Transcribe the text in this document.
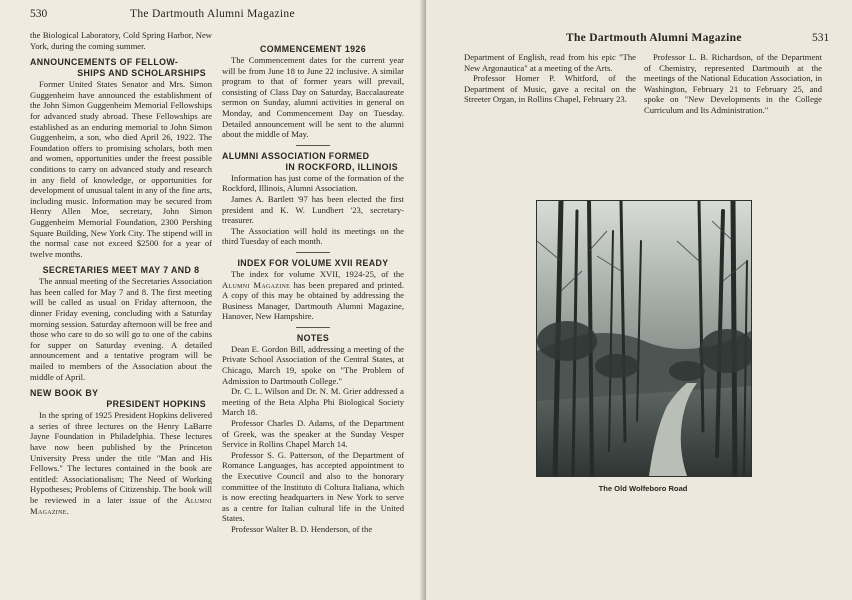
530	The Dartmouth Alumni Magazine

the Biological Laboratory, Cold Spring Harbor, New York, during the coming summer.

ANNOUNCEMENTS OF FELLOW-
SHIPS AND SCHOLARSHIPS

Former United States Senator and Mrs. Simon Guggenheim have announced the establishment of the John Simon Guggenheim Memorial Fellowships for advanced study abroad. These Fellowships are established as an enduring memorial to John Simon Guggenheim, a son, who died April 26, 1922. The Foundation offers to promising scholars, both men and women, opportunities under the freest possible conditions to carry on advanced study and research in any field of knowledge, or opportunities for development of unusual talent in any of the fine arts, including music. Information may be secured from Henry Allen Moe, secretary, John Simon Guggenheim Memorial Foundation, 2300 Pershing Square Building, New York City. The stipend will in the normal case not exceed $2500 for a year of twelve months.

SECRETARIES MEET MAY 7 AND 8

The annual meeting of the Secretaries Association has been called for May 7 and 8. The first meeting will be called as usual on Friday afternoon, the dinner Friday evening, concluding with a Saturday morning session. Saturday afternoon will be free and those who care to do so will go to one of the cabins for supper on Saturday evening. A detailed announcement and a tentative program will be mailed to members of the Association about the middle of April.

NEW BOOK BY
PRESIDENT HOPKINS

In the spring of 1925 President Hopkins delivered a series of three lectures on the Henry LaBarre Jayne Foundation in Philadelphia. These lectures have now been published by the Princeton University Press under the title "Man and His Fellows." The lectures contained in the book are entitled: Associationalism; The Need of Working Hypotheses; Problems of Citizenship. The book will be reviewed in a later issue of the Alumni Magazine.

COMMENCEMENT 1926

The Commencement dates for the current year will be from June 18 to June 22 inclusive. A similar program to that of former years will prevail, consisting of Class Day on Saturday, Baccalaureate sermon on Sunday, alumni activities in general on Monday, and Commencement Day on Tuesday. Detailed announcement will be sent to the alumni about the middle of May.

ALUMNI ASSOCIATION FORMED
IN ROCKFORD, ILLINOIS

Information has just come of the formation of the Rockford, Illinois, Alumni Association.

James A. Bartlett '97 has been elected the first president and K. W. Lundbert '23, secretary-treasurer.

The Association will hold its meetings on the third Tuesday of each month.

INDEX FOR VOLUME XVII READY

The index for volume XVII, 1924-25, of the Alumni Magazine has been prepared and printed. A copy of this may be obtained by addressing the Business Manager, Dartmouth Alumni Magazine, Hanover, New Hampshire.

NOTES

Dean E. Gordon Bill, addressing a meeting of the Private School Association of the Central States, at Chicago, March 19, spoke on "The Problem of Admission to Dartmouth College."

Dr. C. L. Wilson and Dr. N. M. Grier addressed a meeting of the Beta Alpha Phi Biological Society March 18.

Professor Charles D. Adams, of the Department of Greek, was the speaker at the Sunday Vesper Service in Rollins Chapel March 14.

Professor S. G. Patterson, of the Department of Romance Languages, has accepted appointment to the Executive Council and also to the honorary committee of the Instituto di Coltura Italiana, which is now erecting headquarters in New York to serve as a centre for Italian cultural life in the United States.

Professor Walter B. D. Henderson, of the

The Dartmouth Alumni Magazine	531

Department of English, read from his epic "The New Argonautica" at a meeting of the Arts.

Professor Homer P. Whitford, of the Department of Music, gave a recital on the Streeter Organ, in Rollins Chapel, February 23.

Professor L. B. Richardson, of the Department of Chemistry, represented Dartmouth at the meetings of the National Education Association, in Washington, February 21 to February 25, and spoke on "New Developments in the College Curriculum and Its Administration."

The Old Wolfeboro Road
